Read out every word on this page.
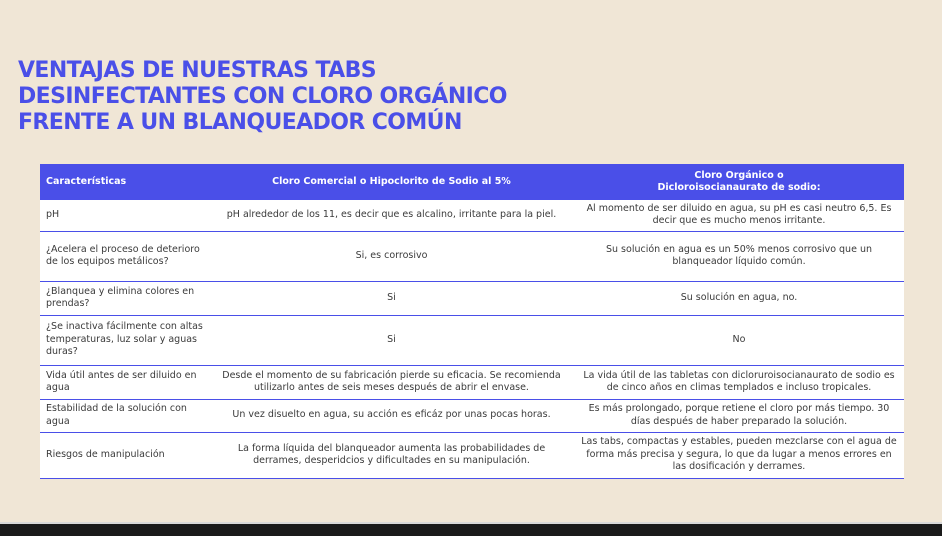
VENTAJAS DE NUESTRAS TABS
DESINFECTANTES CON CLORO ORGÁNICO
FRENTE A UN BLANQUEADOR COMÚN
Características	Cloro Comercial o Hipoclorito de Sodio al 5%	Cloro Orgánico o
Dicloroisocianaurato de sodio:
pH	pH alrededor de los 11, es decir que es alcalino, irritante para la piel.	Al momento de ser diluido en agua, su pH es casi neutro 6,5. Es decir que es mucho menos irritante.
¿Acelera el proceso de deterioro de los equipos metálicos?	Si, es corrosivo	Su solución en agua es un 50% menos corrosivo que un blanqueador líquido común.
¿Blanquea y elimina colores en prendas?	Si	Su solución en agua, no.
¿Se inactiva fácilmente con altas temperaturas, luz solar y aguas duras?	Si	No
Vida útil antes de ser diluido en agua	Desde el momento de su fabricación pierde su eficacia. Se recomienda utilizarlo antes de seis meses después de abrir el envase.	La vida útil de las tabletas con dicloruroisocianaurato de sodio es de cinco años en climas templados e incluso tropicales.
Estabilidad de la solución con agua	Un vez disuelto en agua, su acción es eficáz por unas pocas horas.	Es más prolongado, porque retiene el cloro por más tiempo. 30 días después de haber preparado la solución.
Riesgos de manipulación	La forma líquida del blanqueador aumenta las probabilidades de derrames, desperidcios y dificultades en su manipulación.	Las tabs, compactas y estables, pueden mezclarse con el agua de forma más precisa y segura, lo que da lugar a menos errores en las dosificación y derrames.
